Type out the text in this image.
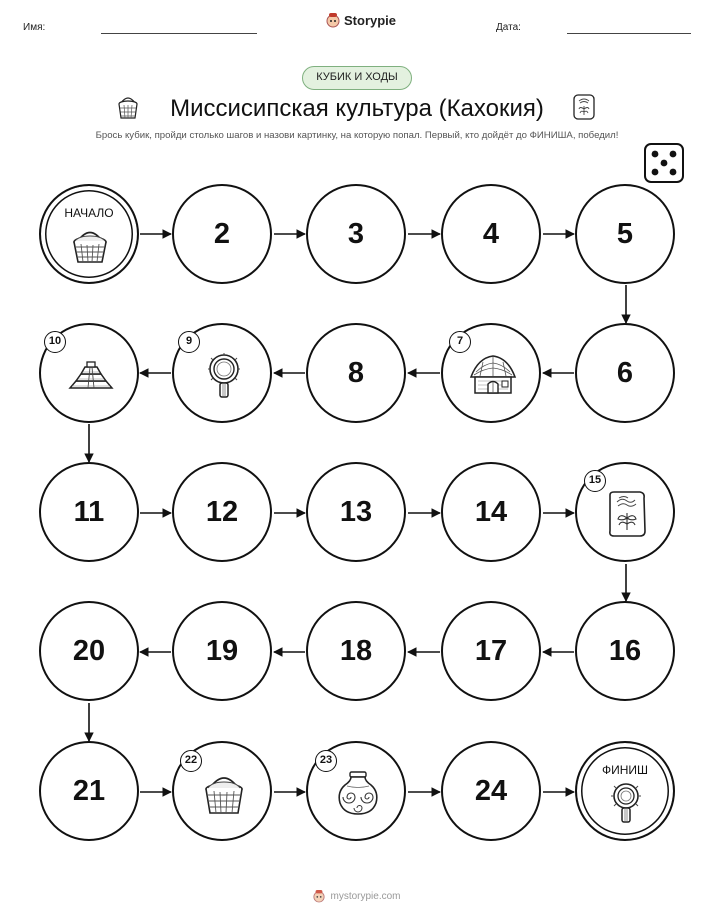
Имя:	Storypie	Дата:
КУБИК И ХОДЫ
Миссисипская культура (Кахокия)
Брось кубик, пройди столько шагов и назови картинку, на которую попал. Первый, кто дойдёт до ФИНИША, победил!
НАЧАЛО
2	3	4	5
10	9
8
7
6
11	12	13	14
15
20	19	18	17	16
21
22	23
24
ФИНИШ
mystorypie.com
